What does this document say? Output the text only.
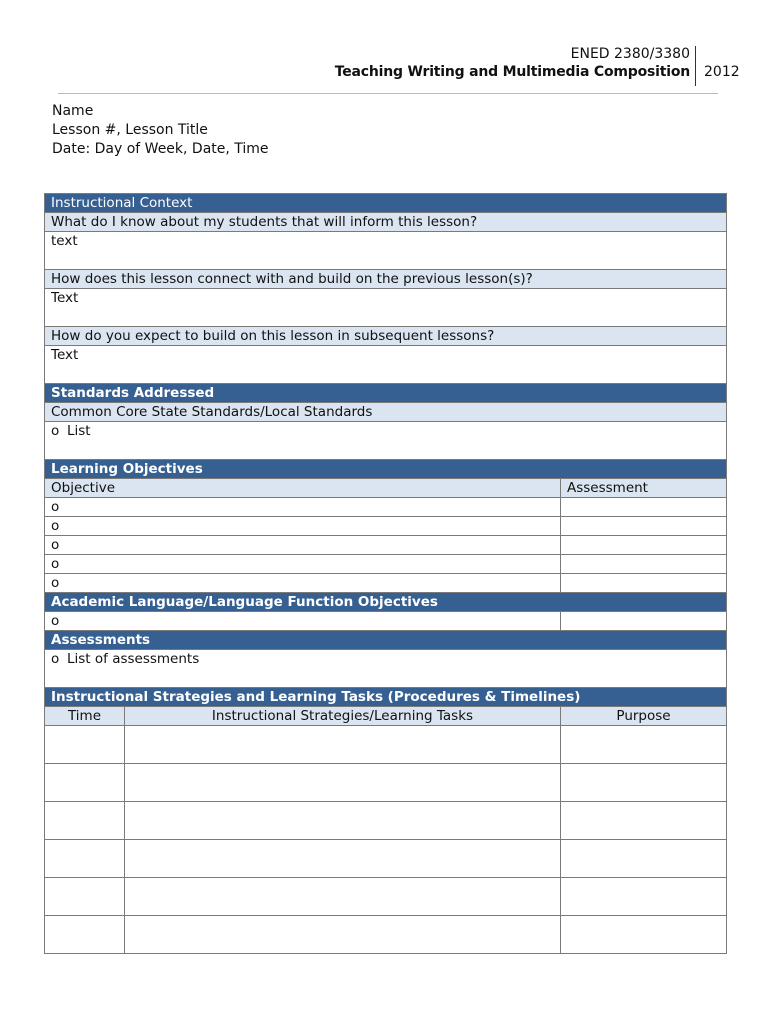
ENED 2380/3380
Teaching Writing and Multimedia Composition 2012
Name
Lesson #, Lesson Title
Date: Day of Week, Date, Time
Instructional Context		
What do I know about my students that will inform this lesson?		
text		
How does this lesson connect with and build on the previous lesson(s)?		
Text		
How do you expect to build on this lesson in subsequent lessons?		
Text		
Standards Addressed		
Common Core State Standards/Local Standards		
o List		
Learning Objectives		
Objective		Assessment
o		
o		
o		
o		
o		
Academic Language/Language Function Objectives		
o		
Assessments		
o List of assessments		
Instructional Strategies and Learning Tasks (Procedures & Timelines)		
Time	Instructional Strategies/Learning Tasks	Purpose
